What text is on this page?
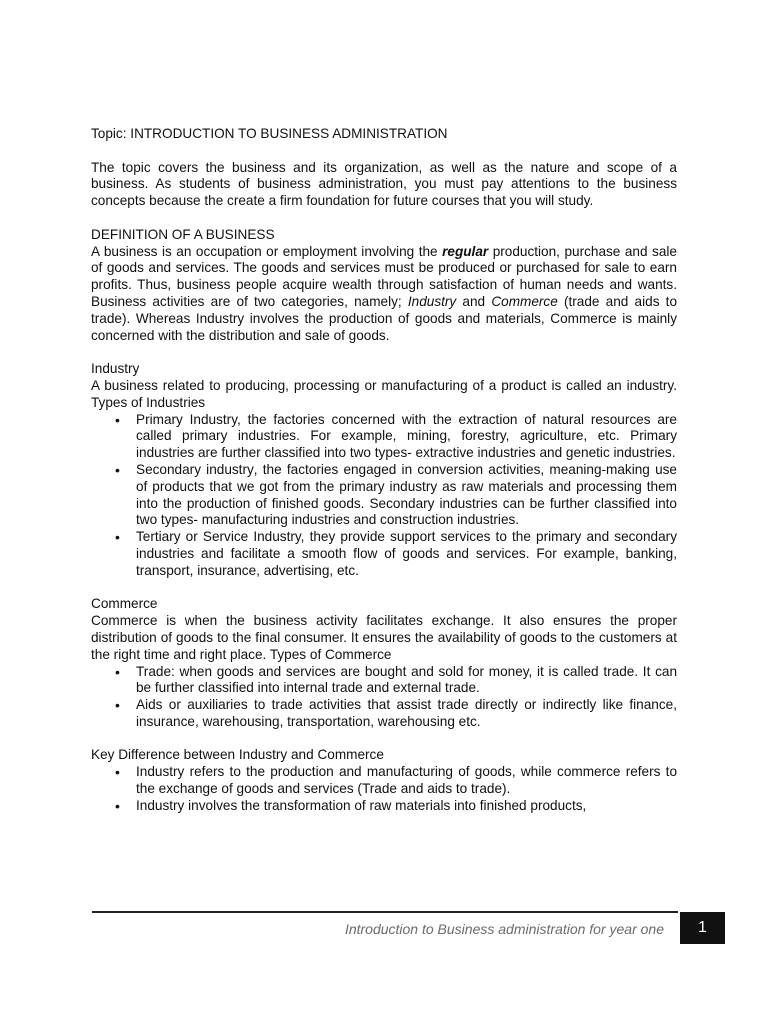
Topic: INTRODUCTION TO BUSINESS ADMINISTRATION

The topic covers the business and its organization, as well as the nature and scope of a business. As students of business administration, you must pay attentions to the business concepts because the create a firm foundation for future courses that you will study.

DEFINITION OF A BUSINESS

A business is an occupation or employment involving the regular production, purchase and sale of goods and services. The goods and services must be produced or purchased for sale to earn profits. Thus, business people acquire wealth through satisfaction of human needs and wants. Business activities are of two categories, namely; Industry and Commerce (trade and aids to trade). Whereas Industry involves the production of goods and materials, Commerce is mainly concerned with the distribution and sale of goods.

Industry

A business related to producing, processing or manufacturing of a product is called an industry. Types of Industries

• Primary Industry, the factories concerned with the extraction of natural resources are called primary industries. For example, mining, forestry, agriculture, etc. Primary industries are further classified into two types- extractive industries and genetic industries.
• Secondary industry, the factories engaged in conversion activities, meaning-making use of products that we got from the primary industry as raw materials and processing them into the production of finished goods. Secondary industries can be further classified into two types- manufacturing industries and construction industries.
• Tertiary or Service Industry, they provide support services to the primary and secondary industries and facilitate a smooth flow of goods and services. For example, banking, transport, insurance, advertising, etc.

Commerce

Commerce is when the business activity facilitates exchange. It also ensures the proper distribution of goods to the final consumer. It ensures the availability of goods to the customers at the right time and right place. Types of Commerce

• Trade: when goods and services are bought and sold for money, it is called trade. It can be further classified into internal trade and external trade.
• Aids or auxiliaries to trade activities that assist trade directly or indirectly like finance, insurance, warehousing, transportation, warehousing etc.

Key Difference between Industry and Commerce

• Industry refers to the production and manufacturing of goods, while commerce refers to the exchange of goods and services (Trade and aids to trade).
• Industry involves the transformation of raw materials into finished products,
Introduction to Business administration for year one	1
